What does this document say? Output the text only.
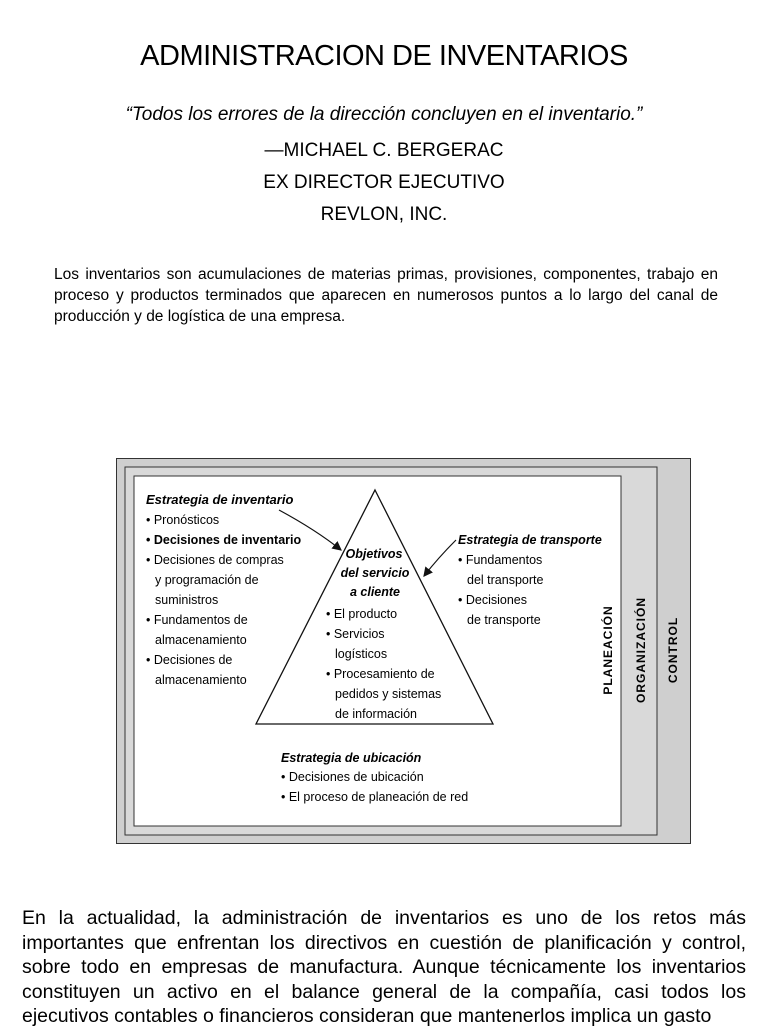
ADMINISTRACION DE INVENTARIOS
“Todos los errores de la dirección concluyen en el inventario.”
—MICHAEL C. BERGERAC
EX DIRECTOR EJECUTIVO
REVLON, INC.

Los inventarios son acumulaciones de materias primas, provisiones, componentes, trabajo en proceso y productos terminados que aparecen en numerosos puntos a lo largo del canal de producción y de logística de una empresa.

Estrategia de inventario
• Pronósticos
• Decisiones de inventario
• Decisiones de compras
y programación de
suministros
• Fundamentos de
almacenamiento
• Decisiones de
almacenamiento
Objetivos
del servicio
a cliente
• El producto
• Servicios
logísticos
• Procesamiento de
pedidos y sistemas
de información
Estrategia de transporte
• Fundamentos
del transporte
• Decisiones
de transporte
Estrategia de ubicación
• Decisiones de ubicación
• El proceso de planeación de red
PLANEACIÓN ORGANIZACIÓN CONTROL

En la actualidad, la administración de inventarios es uno de los retos más importantes que enfrentan los directivos en cuestión de planificación y control, sobre todo en empresas de manufactura. Aunque técnicamente los inventarios constituyen un activo en el balance general de la compañía, casi todos los ejecutivos contables o financieros consideran que mantenerlos implica un gasto
